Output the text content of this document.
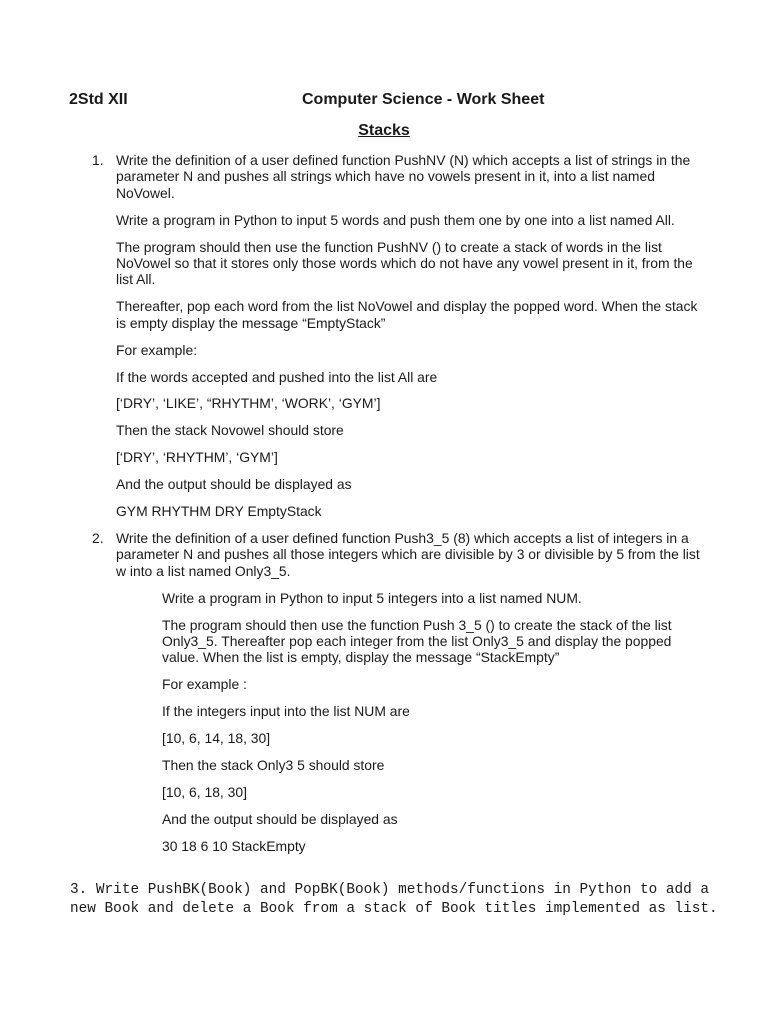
2Std XII	Computer Science - Work Sheet
Stacks
1. Write the definition of a user defined function PushNV (N) which accepts a list of strings in the parameter N and pushes all strings which have no vowels present in it, into a list named NoVowel.

Write a program in Python to input 5 words and push them one by one into a list named All.

The program should then use the function PushNV () to create a stack of words in the list NoVowel so that it stores only those words which do not have any vowel present in it, from the list All.

Thereafter, pop each word from the list NoVowel and display the popped word. When the stack is empty display the message “EmptyStack”

For example:

If the words accepted and pushed into the list All are

[‘DRY’, ‘LIKE’, “RHYTHM’, ‘WORK’, ‘GYM’]

Then the stack Novowel should store

[‘DRY’, ‘RHYTHM’, ‘GYM’]

And the output should be displayed as

GYM RHYTHM DRY EmptyStack

2. Write the definition of a user defined function Push3_5 (8) which accepts a list of integers in a parameter N and pushes all those integers which are divisible by 3 or divisible by 5 from the list w into a list named Only3_5.

Write a program in Python to input 5 integers into a list named NUM.

The program should then use the function Push 3_5 () to create the stack of the list Only3_5. Thereafter pop each integer from the list Only3_5 and display the popped value. When the list is empty, display the message “StackEmpty”

For example :

If the integers input into the list NUM are

[10, 6, 14, 18, 30]

Then the stack Only3 5 should store

[10, 6, 18, 30]

And the output should be displayed as

30 18 6 10 StackEmpty

3. Write PushBK(Book) and PopBK(Book) methods/functions in Python to add a new Book and delete a Book from a stack of Book titles implemented as list.
